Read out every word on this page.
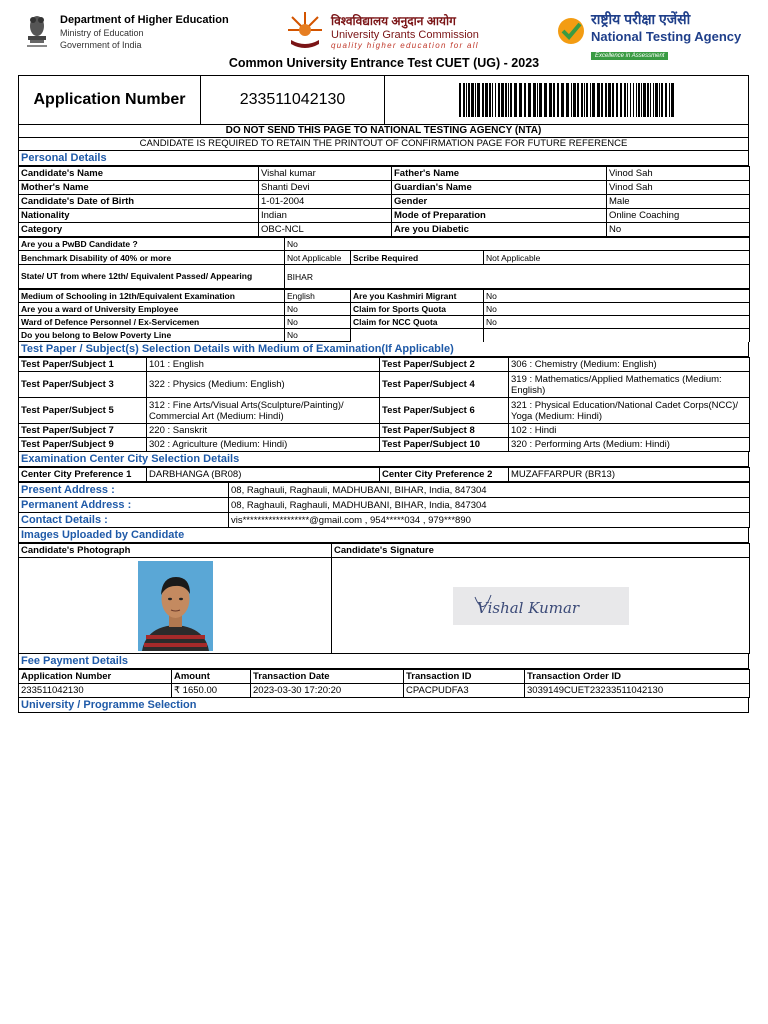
Department of Higher Education
Ministry of Education
Government of India
विश्वविद्यालय अनुदान आयोग
University Grants Commission
quality higher education for all
राष्ट्रीय परीक्षा एजेंसी
National Testing Agency
Excellence in Assessment
Common University Entrance Test CUET (UG) - 2023
Application Number	233511042130
DO NOT SEND THIS PAGE TO NATIONAL TESTING AGENCY (NTA)
CANDIDATE IS REQUIRED TO RETAIN THE PRINTOUT OF CONFIRMATION PAGE FOR FUTURE REFERENCE
Personal Details
Candidate's Name	Vishal kumar	Father's Name	Vinod Sah
Mother's Name	Shanti Devi	Guardian's Name	Vinod Sah
Candidate's Date of Birth	1-01-2004	Gender	Male
Nationality	Indian	Mode of Preparation	Online Coaching
Category	OBC-NCL	Are you Diabetic	No
Are you a PwBD Candidate ?	No		
Benchmark Disability of 40% or more	Not Applicable	Scribe Required	Not Applicable
State/ UT from where 12th/ Equivalent Passed/ Appearing	BIHAR		
Medium of Schooling in 12th/Equivalent Examination	English	Are you Kashmiri Migrant	No
Are you a ward of University Employee	No	Claim for Sports Quota	No
Ward of Defence Personnel / Ex-Servicemen	No	Claim for NCC Quota	No
Do you belong to Below Poverty Line	No		
Test Paper / Subject(s) Selection Details with Medium of Examination(If Applicable)
Test Paper/Subject 1	101 : English	Test Paper/Subject 2	306 : Chemistry (Medium: English)
Test Paper/Subject 3	322 : Physics (Medium: English)	Test Paper/Subject 4	319 : Mathematics/Applied Mathematics (Medium: English)
Test Paper/Subject 5	312 : Fine Arts/Visual Arts(Sculpture/Painting)/ Commercial Art (Medium: Hindi)	Test Paper/Subject 6	321 : Physical Education/National Cadet Corps(NCC)/ Yoga (Medium: Hindi)
Test Paper/Subject 7	220 : Sanskrit	Test Paper/Subject 8	102 : Hindi
Test Paper/Subject 9	302 : Agriculture (Medium: Hindi)	Test Paper/Subject 10	320 : Performing Arts (Medium: Hindi)
Examination Center City Selection Details
Center City Preference 1	DARBHANGA (BR08)	Center City Preference 2	MUZAFFARPUR (BR13)
Present Address :	08, Raghauli, Raghauli, MADHUBANI, BIHAR, India, 847304
Permanent Address :	08, Raghauli, Raghauli, MADHUBANI, BIHAR, India, 847304
Contact Details :	vis******************@gmail.com , 954*****034 , 979***890
Images Uploaded by Candidate
Candidate's Photograph	Candidate's Signature

Vishal Kumar
Fee Payment Details
Application Number	Amount	Transaction Date	Transaction ID	Transaction Order ID
233511042130	₹ 1650.00	2023-03-30 17:20:20	CPACPUDFA3	3039149CUET23233511042130
University / Programme Selection
